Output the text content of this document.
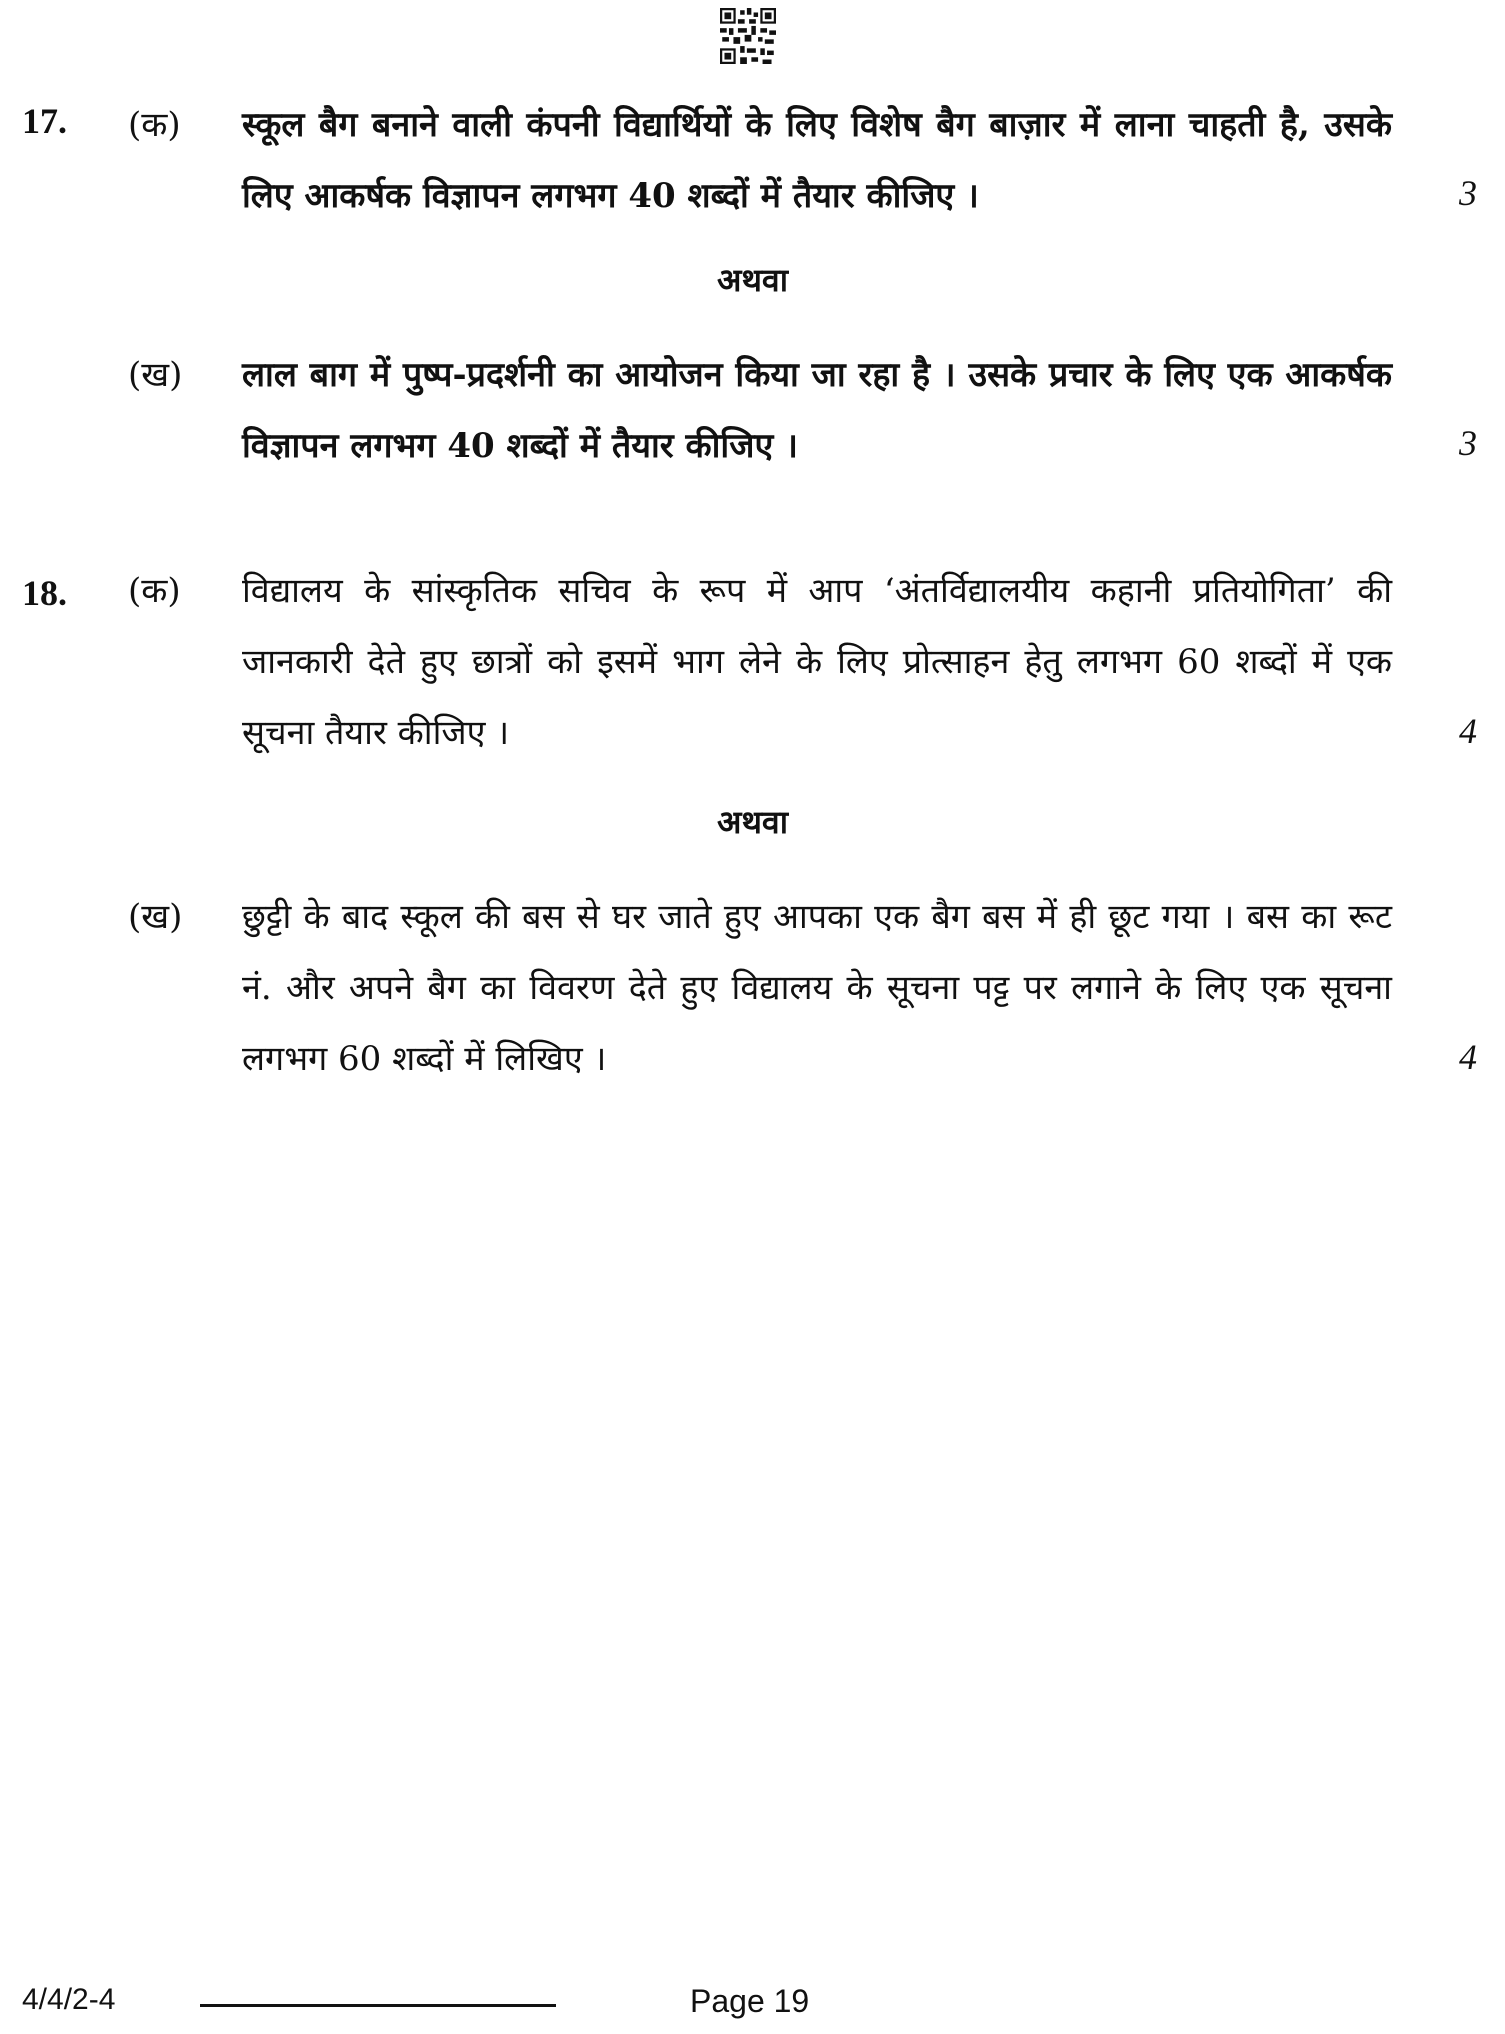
17. (क) स्कूल बैग बनाने वाली कंपनी विद्यार्थियों के लिए विशेष बैग बाज़ार में लाना चाहती है, उसके लिए आकर्षक विज्ञापन लगभग 40 शब्दों में तैयार कीजिए ।	3
अथवा
(ख) लाल बाग में पुष्प-प्रदर्शनी का आयोजन किया जा रहा है । उसके प्रचार के लिए एक आकर्षक विज्ञापन लगभग 40 शब्दों में तैयार कीजिए ।	3
18. (क) विद्यालय के सांस्कृतिक सचिव के रूप में आप ‘अंतर्विद्यालयीय कहानी प्रतियोगिता’ की जानकारी देते हुए छात्रों को इसमें भाग लेने के लिए प्रोत्साहन हेतु लगभग 60 शब्दों में एक सूचना तैयार कीजिए ।	4
अथवा
(ख) छुट्टी के बाद स्कूल की बस से घर जाते हुए आपका एक बैग बस में ही छूट गया । बस का रूट नं. और अपने बैग का विवरण देते हुए विद्यालय के सूचना पट्ट पर लगाने के लिए एक सूचना लगभग 60 शब्दों में लिखिए ।	4
4/4/2-4	Page 19
